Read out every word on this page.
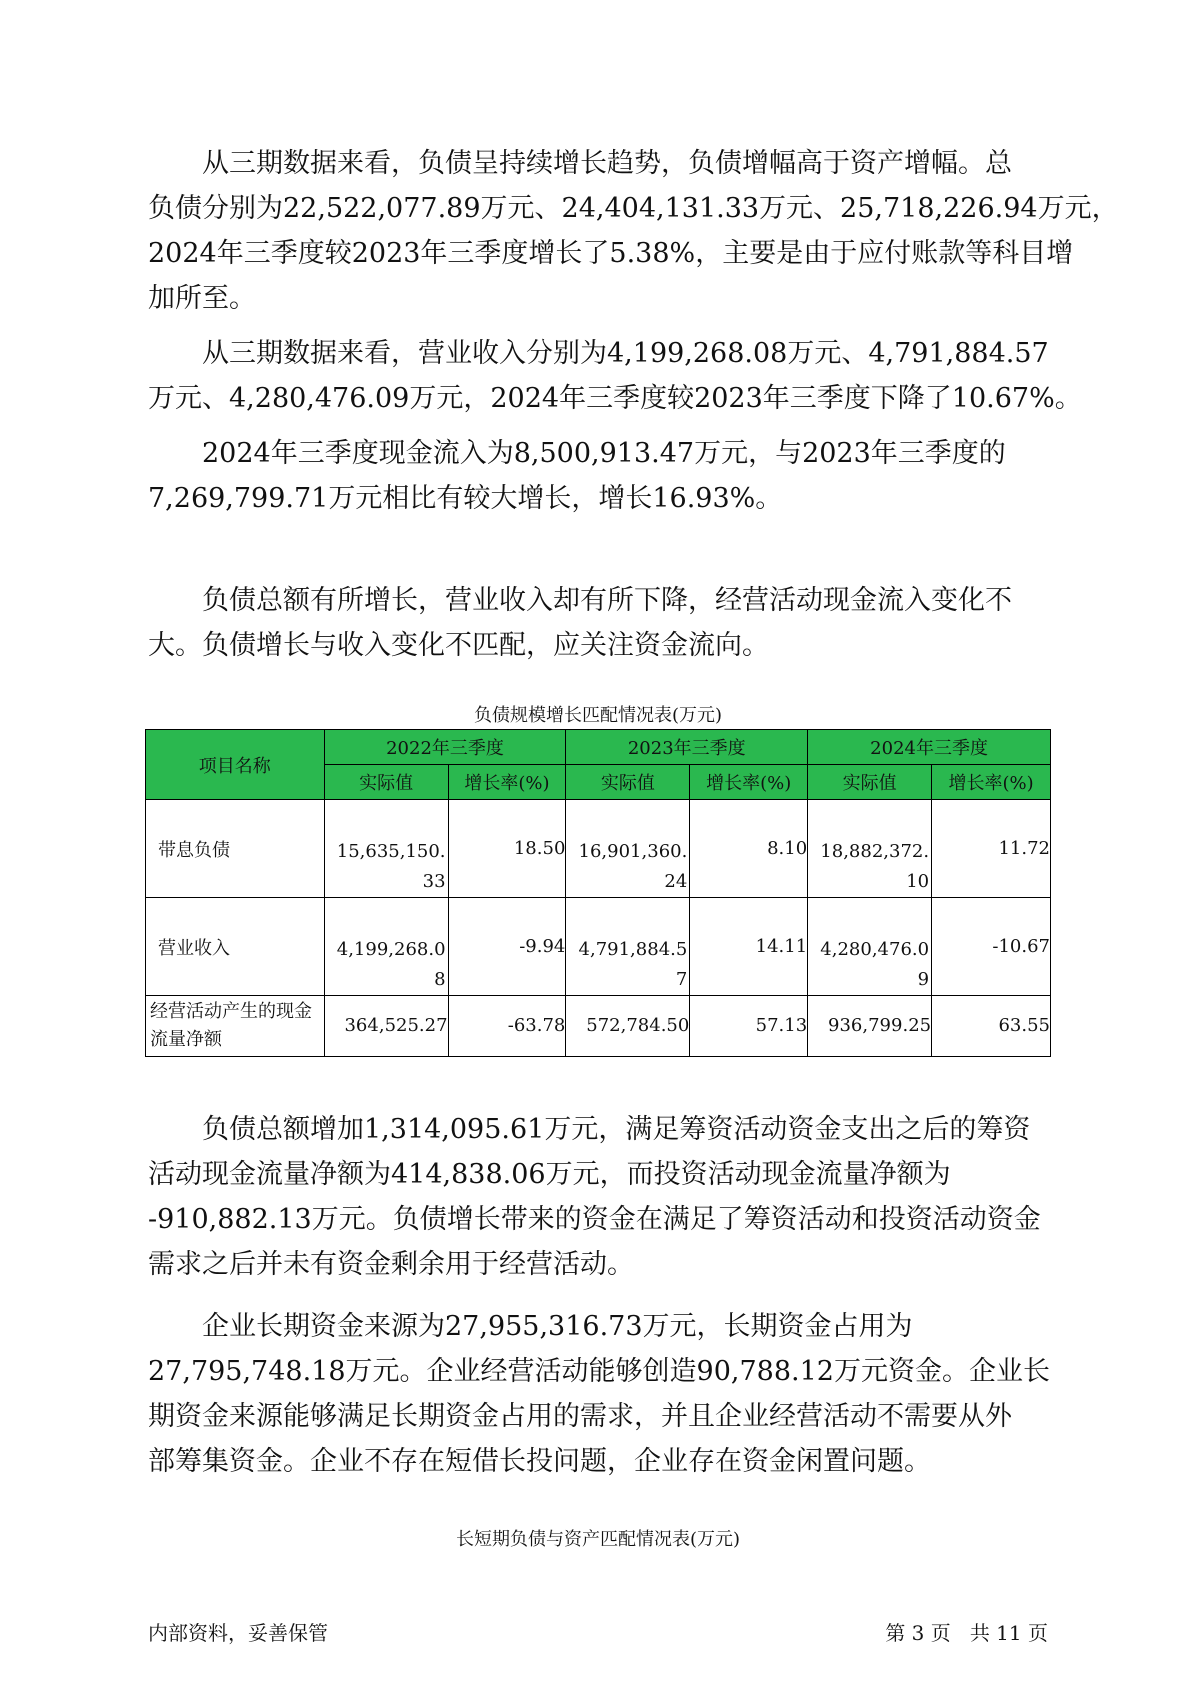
从三期数据来看，负债呈持续增长趋势，负债增幅高于资产增幅。总
负债分别为22,522,077.89万元、24,404,131.33万元、25,718,226.94万元，
2024年三季度较2023年三季度增长了5.38%，主要是由于应付账款等科目增
加所至。

从三期数据来看，营业收入分别为4,199,268.08万元、4,791,884.57
万元、4,280,476.09万元，2024年三季度较2023年三季度下降了10.67%。

2024年三季度现金流入为8,500,913.47万元，与2023年三季度的
7,269,799.71万元相比有较大增长，增长16.93%。

负债总额有所增长，营业收入却有所下降，经营活动现金流入变化不
大。负债增长与收入变化不匹配，应关注资金流向。

负债规模增长匹配情况表(万元)

项目名称	2022年三季度		2023年三季度		2024年三季度	
	实际值	增长率(%)	实际值	增长率(%)	实际值	增长率(%)
带息负债	15,635,150.33	18.50	16,901,360.24	8.10	18,882,372.10	11.72
营业收入	4,199,268.08	-9.94	4,791,884.57	14.11	4,280,476.09	-10.67
经营活动产生的现金流量净额	364,525.27	-63.78	572,784.50	57.13	936,799.25	63.55

负债总额增加1,314,095.61万元，满足筹资活动资金支出之后的筹资
活动现金流量净额为414,838.06万元，而投资活动现金流量净额为
-910,882.13万元。负债增长带来的资金在满足了筹资活动和投资活动资金
需求之后并未有资金剩余用于经营活动。

企业长期资金来源为27,955,316.73万元，长期资金占用为
27,795,748.18万元。企业经营活动能够创造90,788.12万元资金。企业长
期资金来源能够满足长期资金占用的需求，并且企业经营活动不需要从外
部筹集资金。企业不存在短借长投问题，企业存在资金闲置问题。

长短期负债与资产匹配情况表(万元)

内部资料，妥善保管	第 3 页   共 11 页
